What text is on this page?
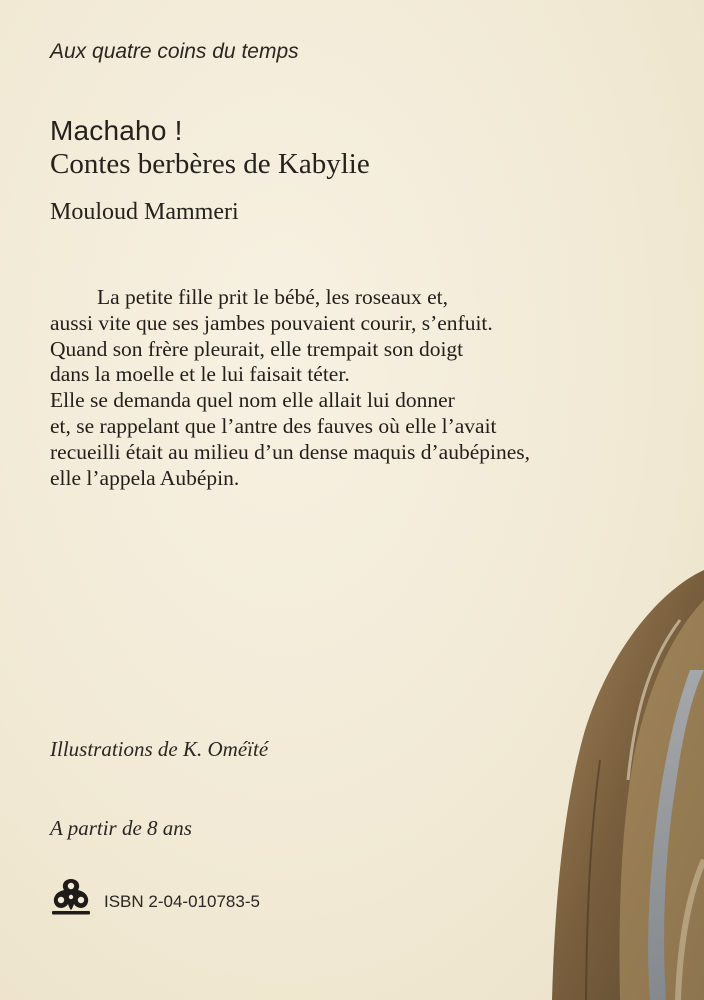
Aux quatre coins du temps
Machaho !
Contes berbères de Kabylie
Mouloud Mammeri
La petite fille prit le bébé, les roseaux et,
aussi vite que ses jambes pouvaient courir, s’enfuit.
Quand son frère pleurait, elle trempait son doigt
dans la moelle et le lui faisait téter.
Elle se demanda quel nom elle allait lui donner
et, se rappelant que l’antre des fauves où elle l’avait
recueilli était au milieu d’un dense maquis d’aubépines,
elle l’appela Aubépin.
Illustrations de K. Oméïté
A partir de 8 ans
ISBN 2-04-010783-5
